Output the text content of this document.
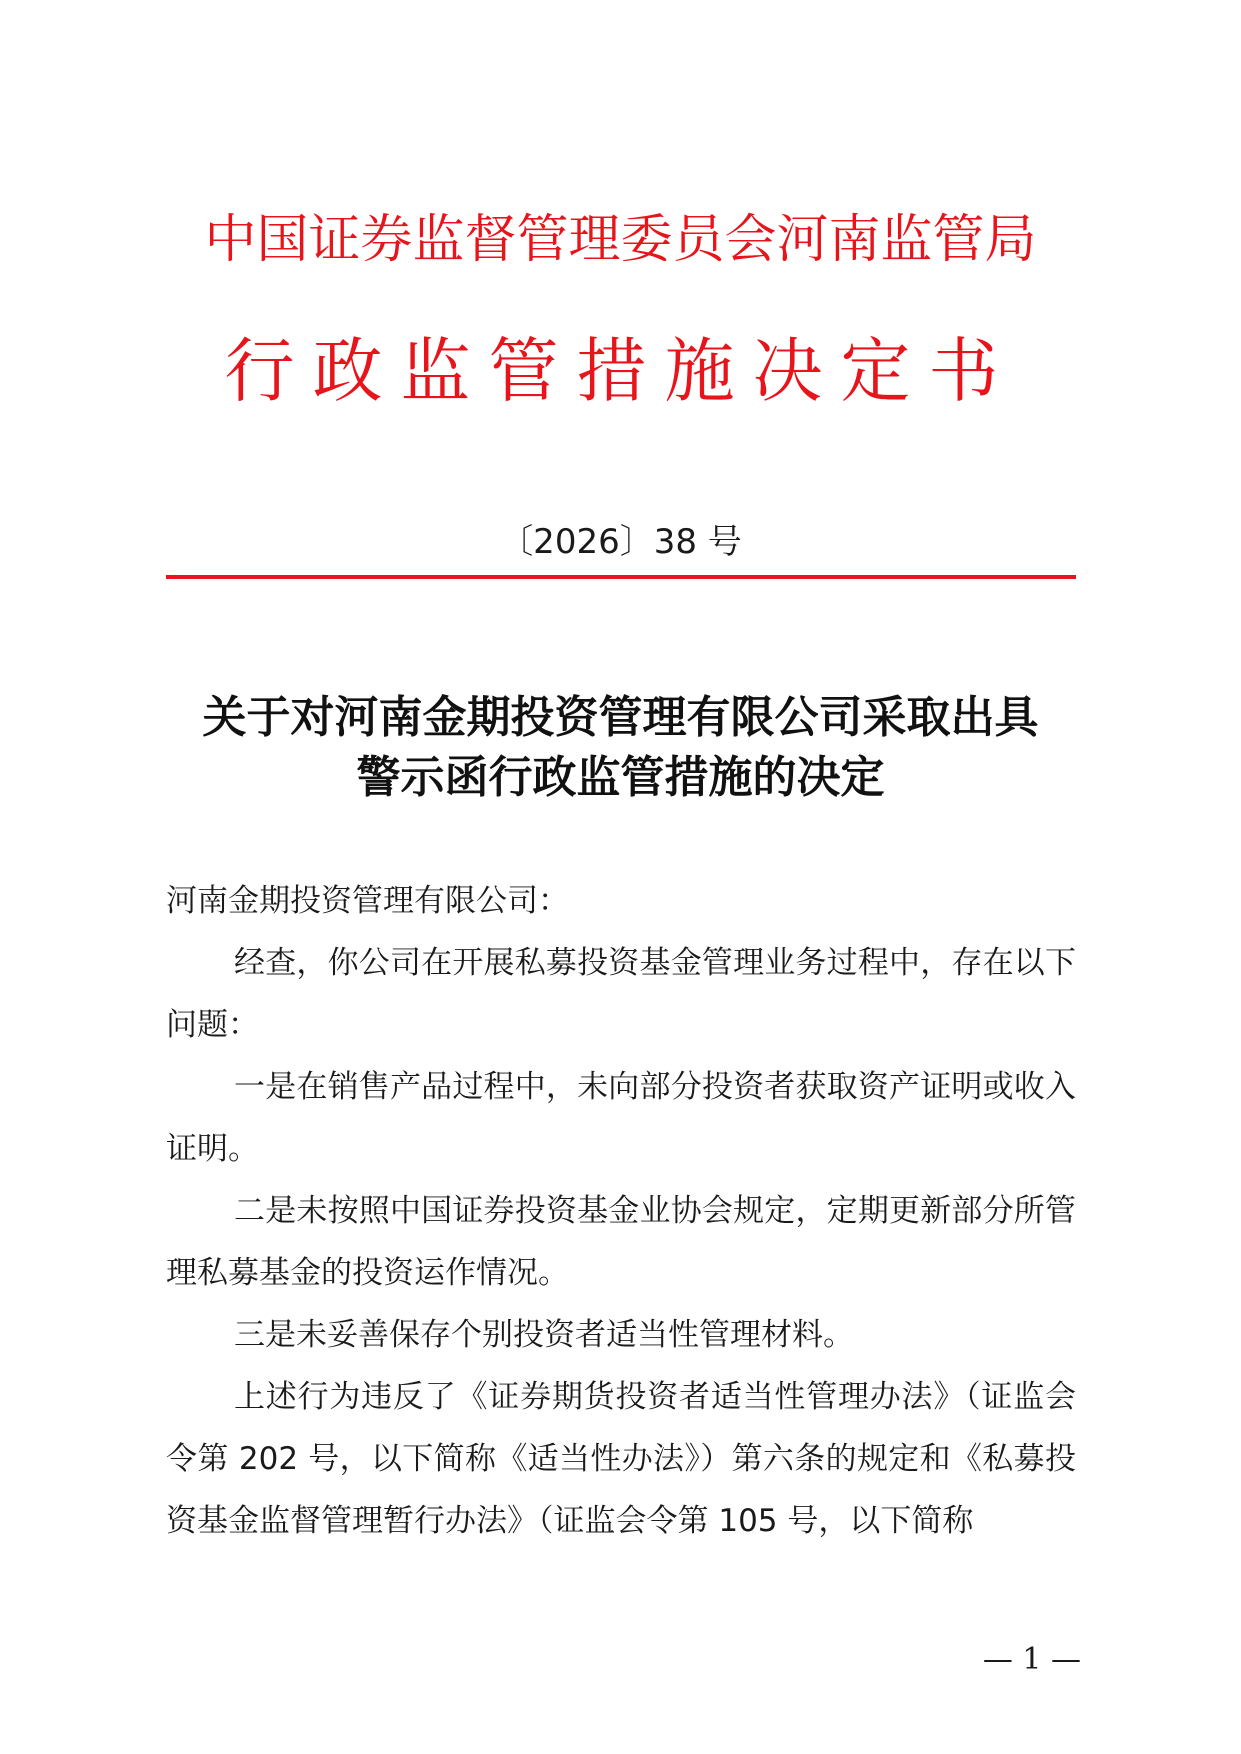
中国证券监督管理委员会河南监管局
行政监管措施决定书
〔2026〕38 号
关于对河南金期投资管理有限公司采取出具
警示函行政监管措施的决定

河南金期投资管理有限公司：

经查，你公司在开展私募投资基金管理业务过程中，存在以下问题：

一是在销售产品过程中，未向部分投资者获取资产证明或收入证明。

二是未按照中国证券投资基金业协会规定，定期更新部分所管理私募基金的投资运作情况。

三是未妥善保存个别投资者适当性管理材料。

上述行为违反了《证券期货投资者适当性管理办法》（证监会令第 202 号，以下简称《适当性办法》）第六条的规定和《私募投资基金监督管理暂行办法》（证监会令第 105 号，以下简称

— 1 —
